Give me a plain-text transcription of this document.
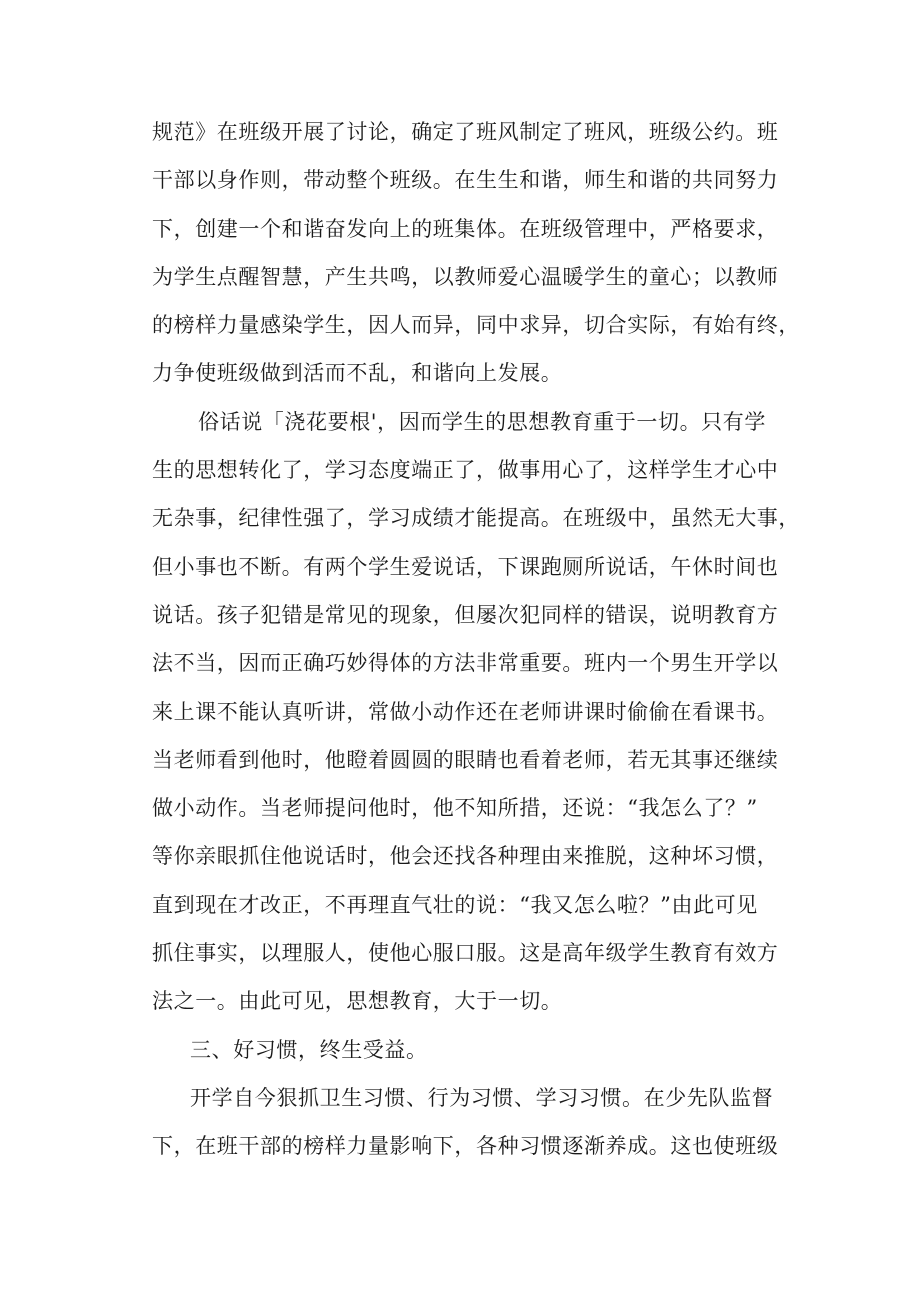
规范》在班级开展了讨论，确定了班风制定了班风，班级公约。班
干部以身作则，带动整个班级。在生生和谐，师生和谐的共同努力
下，创建一个和谐奋发向上的班集体。在班级管理中，严格要求，
为学生点醒智慧，产生共鸣，以教师爱心温暖学生的童心；以教师
的榜样力量感染学生，因人而异，同中求异，切合实际，有始有终，
力争使班级做到活而不乱，和谐向上发展。
俗话说「浇花要根'，因而学生的思想教育重于一切。只有学
生的思想转化了，学习态度端正了，做事用心了，这样学生才心中
无杂事，纪律性强了，学习成绩才能提高。在班级中，虽然无大事，
但小事也不断。有两个学生爱说话，下课跑厕所说话，午休时间也
说话。孩子犯错是常见的现象，但屡次犯同样的错误，说明教育方
法不当，因而正确巧妙得体的方法非常重要。班内一个男生开学以
来上课不能认真听讲，常做小动作还在老师讲课时偷偷在看课书。
当老师看到他时，他瞪着圆圆的眼睛也看着老师，若无其事还继续
做小动作。当老师提问他时，他不知所措，还说：“我怎么了？”
等你亲眼抓住他说话时，他会还找各种理由来推脱，这种坏习惯，
直到现在才改正，不再理直气壮的说：“我又怎么啦？”由此可见
抓住事实，以理服人，使他心服口服。这是高年级学生教育有效方
法之一。由此可见，思想教育，大于一切。
三、好习惯，终生受益。
开学自今狠抓卫生习惯、行为习惯、学习习惯。在少先队监督
下，在班干部的榜样力量影响下，各种习惯逐渐养成。这也使班级
